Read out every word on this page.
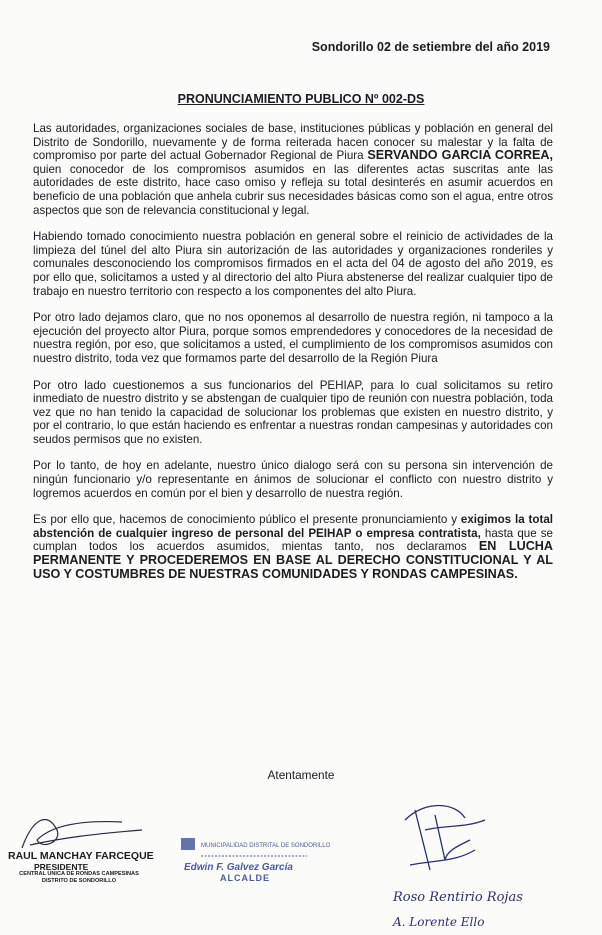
Sondorillo 02 de setiembre del año 2019
PRONUNCIAMIENTO PUBLICO Nº 002-DS

Las autoridades, organizaciones sociales de base, instituciones públicas y población en general del Distrito de Sondorillo, nuevamente y de forma reiterada hacen conocer su malestar y la falta de compromiso por parte del actual Gobernador Regional de Piura SERVANDO GARCIA CORREA, quien conocedor de los compromisos asumidos en las diferentes actas suscritas ante las autoridades de este distrito, hace caso omiso y refleja su total desinterés en asumir acuerdos en beneficio de una población que anhela cubrir sus necesidades básicas como son el agua, entre otros aspectos que son de relevancia constitucional y legal.

Habiendo tomado conocimiento nuestra población en general sobre el reinicio de actividades de la limpieza del túnel del alto Piura sin autorización de las autoridades y organizaciones ronderiles y comunales desconociendo los compromisos firmados en el acta del 04 de agosto del año 2019, es por ello que, solicitamos a usted y al directorio del alto Piura abstenerse del realizar cualquier tipo de trabajo en nuestro territorio con respecto a los componentes del alto Piura.

Por otro lado dejamos claro, que no nos oponemos al desarrollo de nuestra región, ni tampoco a la ejecución del proyecto altor Piura, porque somos emprendedores y conocedores de la necesidad de nuestra región, por eso, que solicitamos a usted, el cumplimiento de los compromisos asumidos con nuestro distrito, toda vez que formamos parte del desarrollo de la Región Piura

Por otro lado cuestionemos a sus funcionarios del PEHIAP, para lo cual solicitamos su retiro inmediato de nuestro distrito y se abstengan de cualquier tipo de reunión con nuestra población, toda vez que no han tenido la capacidad de solucionar los problemas que existen en nuestro distrito, y por el contrario, lo que están haciendo es enfrentar a nuestras rondan campesinas y autoridades con seudos permisos que no existen.

Por lo tanto, de hoy en adelante, nuestro único dialogo será con su persona sin intervención de ningún funcionario y/o representante en ánimos de solucionar el conflicto con nuestro distrito y logremos acuerdos en común por el bien y desarrollo de nuestra región.

Es por ello que, hacemos de conocimiento público el presente pronunciamiento y exigimos la total abstención de cualquier ingreso de personal del PEIHAP o empresa contratista, hasta que se cumplan todos los acuerdos asumidos, mientas tanto, nos declaramos EN LUCHA PERMANENTE Y PROCEDEREMOS EN BASE AL DERECHO CONSTITUCIONAL Y AL USO Y COSTUMBRES DE NUESTRAS COMUNIDADES Y RONDAS CAMPESINAS.

Atentamente
RAUL MANCHAY FARCEQUE
PRESIDENTE
CENTRAL UNICA DE RONDAS CAMPESINAS
DISTRITO DE SONDORILLO
MUNICIPALIDAD DISTRITAL DE SONDORILLO
Edwin F. Galvez García
ALCALDE
Roso Rentirio Rojas
A. Lorente Ello
